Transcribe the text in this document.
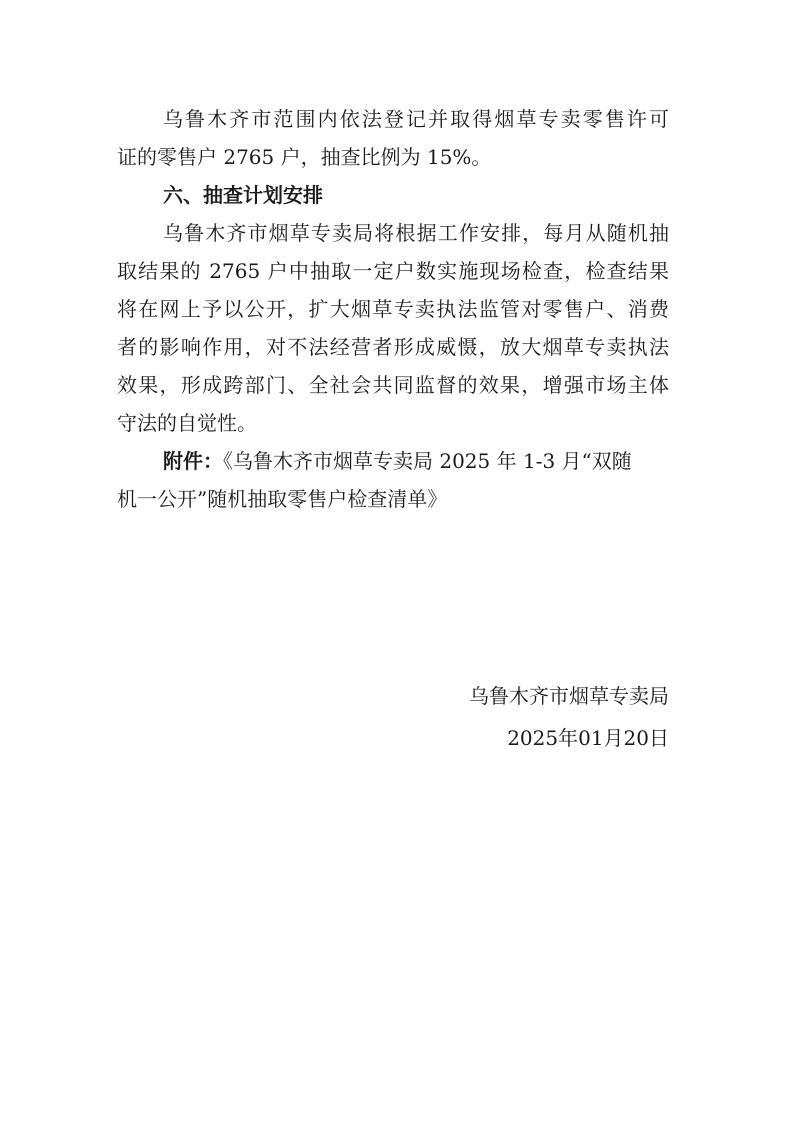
乌鲁木齐市范围内依法登记并取得烟草专卖零售许可
证的零售户 2765 户，抽查比例为 15%。
六、抽查计划安排
乌鲁木齐市烟草专卖局将根据工作安排，每月从随机抽
取结果的 2765 户中抽取一定户数实施现场检查，检查结果
将在网上予以公开，扩大烟草专卖执法监管对零售户、消费
者的影响作用，对不法经营者形成威慑，放大烟草专卖执法
效果，形成跨部门、全社会共同监督的效果，增强市场主体
守法的自觉性。
附件：《乌鲁木齐市烟草专卖局 2025 年 1-3 月“双随
机一公开”随机抽取零售户检查清单》
乌鲁木齐市烟草专卖局
2025年01月20日
